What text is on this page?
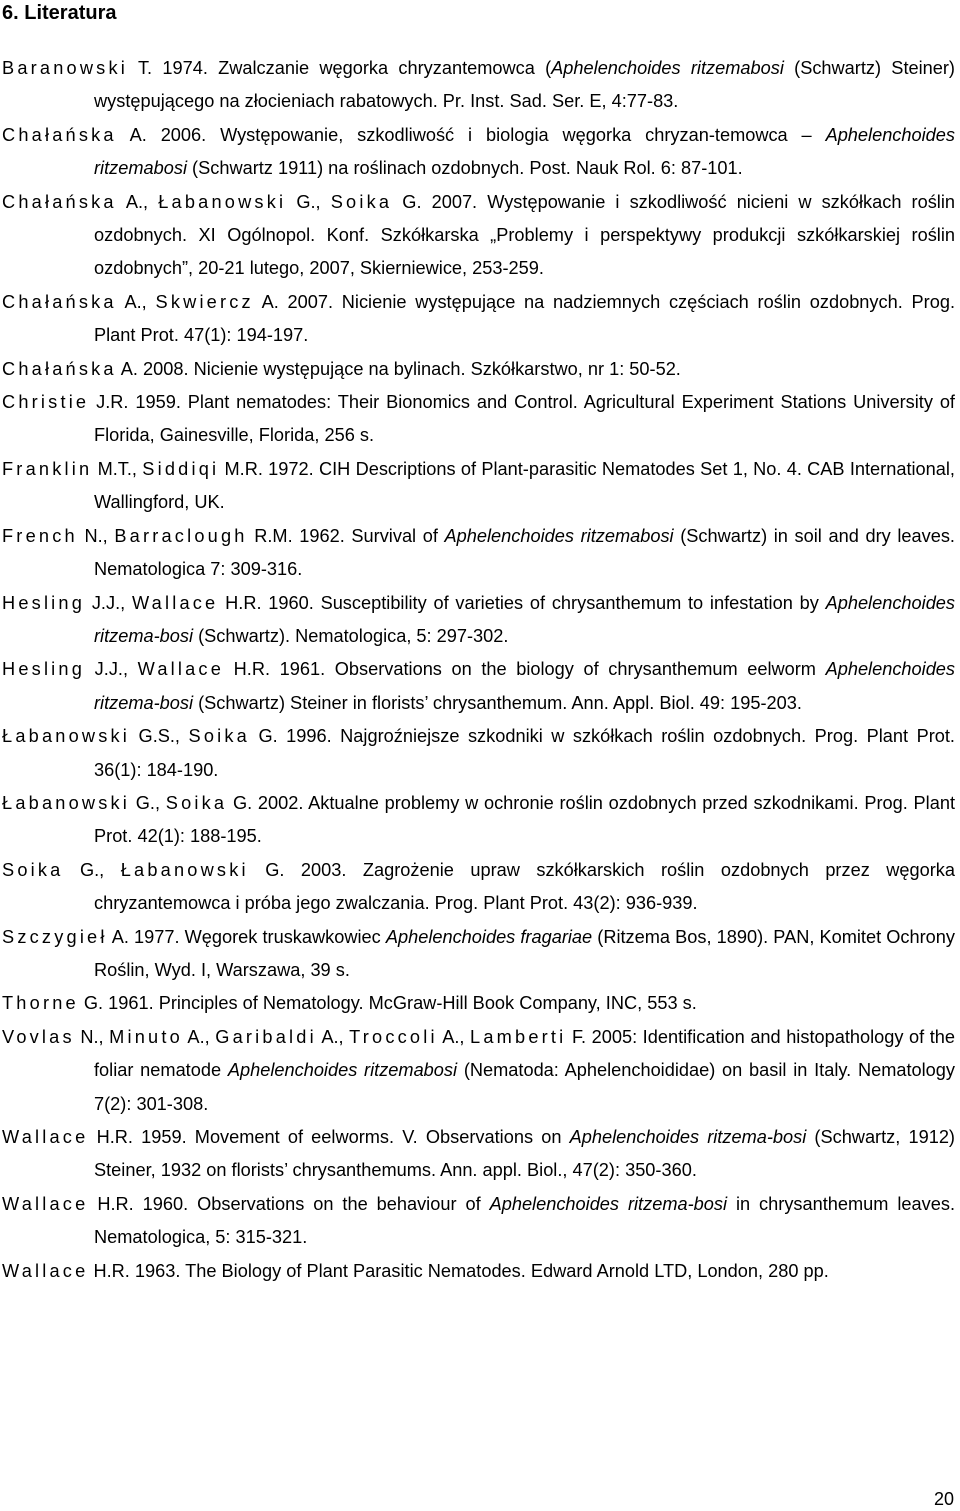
6. Literatura
Baranowski T. 1974. Zwalczanie węgorka chryzantemowca (Aphelenchoides ritzemabosi (Schwartz) Steiner) występującego na złocieniach rabatowych. Pr. Inst. Sad. Ser. E, 4:77-83.
Chałańska A. 2006. Występowanie, szkodliwość i biologia węgorka chryzan-temowca – Aphelenchoides ritzemabosi (Schwartz 1911) na roślinach ozdobnych. Post. Nauk Rol. 6: 87-101.
Chałańska A., Łabanowski G., Soika G. 2007. Występowanie i szkodliwość nicieni w szkółkach roślin ozdobnych. XI Ogólnopol. Konf. Szkółkarska „Problemy i perspektywy produkcji szkółkarskiej roślin ozdobnych”, 20-21 lutego, 2007, Skierniewice, 253-259.
Chałańska A., Skwiercz A. 2007. Nicienie występujące na nadziemnych częściach roślin ozdobnych. Prog. Plant Prot. 47(1): 194-197.
Chałańska A. 2008. Nicienie występujące na bylinach. Szkółkarstwo, nr 1: 50-52.
Christie J.R. 1959. Plant nematodes: Their Bionomics and Control. Agricultural Experiment Stations University of Florida, Gainesville, Florida, 256 s.
Franklin M.T., Siddiqi M.R. 1972. CIH Descriptions of Plant-parasitic Nematodes Set 1, No. 4. CAB International, Wallingford, UK.
French N., Barraclough R.M. 1962. Survival of Aphelenchoides ritzemabosi (Schwartz) in soil and dry leaves. Nematologica 7: 309-316.
Hesling J.J., Wallace H.R. 1960. Susceptibility of varieties of chrysanthemum to infestation by Aphelenchoides ritzema-bosi (Schwartz). Nematologica, 5: 297-302.
Hesling J.J., Wallace H.R. 1961. Observations on the biology of chrysanthemum eelworm Aphelenchoides ritzema-bosi (Schwartz) Steiner in florists’ chrysanthemum. Ann. Appl. Biol. 49: 195-203.
Łabanowski G.S., Soika G. 1996. Najgroźniejsze szkodniki w szkółkach roślin ozdobnych. Prog. Plant Prot. 36(1): 184-190.
Łabanowski G., Soika G. 2002. Aktualne problemy w ochronie roślin ozdobnych przed szkodnikami. Prog. Plant Prot. 42(1): 188-195.
Soika G., Łabanowski G. 2003. Zagrożenie upraw szkółkarskich roślin ozdobnych przez węgorka chryzantemowca i próba jego zwalczania. Prog. Plant Prot. 43(2): 936-939.
Szczygieł A. 1977. Węgorek truskawkowiec Aphelenchoides fragariae (Ritzema Bos, 1890). PAN, Komitet Ochrony Roślin, Wyd. I, Warszawa, 39 s.
Thorne G. 1961. Principles of Nematology. McGraw-Hill Book Company, INC, 553 s.
Vovlas N., Minuto A., Garibaldi A., Troccoli A., Lamberti F. 2005: Identification and histopathology of the foliar nematode Aphelenchoides ritzemabosi (Nematoda: Aphelenchoididae) on basil in Italy. Nematology 7(2): 301-308.
Wallace H.R. 1959. Movement of eelworms. V. Observations on Aphelenchoides ritzema-bosi (Schwartz, 1912) Steiner, 1932 on florists’ chrysanthemums. Ann. appl. Biol., 47(2): 350-360.
Wallace H.R. 1960. Observations on the behaviour of Aphelenchoides ritzema-bosi in chrysanthemum leaves. Nematologica, 5: 315-321.
Wallace H.R. 1963. The Biology of Plant Parasitic Nematodes. Edward Arnold LTD, London, 280 pp.
20
